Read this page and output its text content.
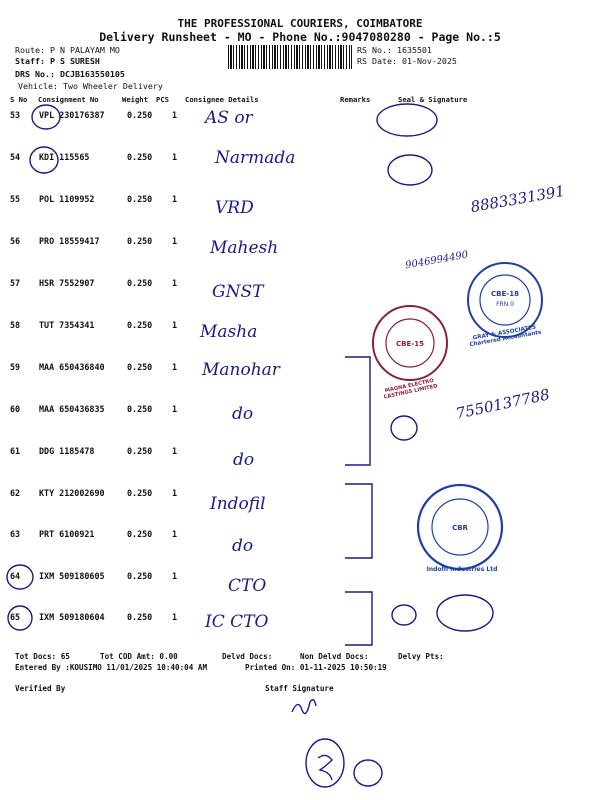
THE PROFESSIONAL COURIERS, COIMBATORE
Delivery Runsheet - MO - Phone No.:9047080280 - Page No.:5
Route: P N PALAYAM MO
Staff: P S SURESH
DRS No.: DCJB163550105
Vehicle: Two Wheeler Delivery
RS No.: 1635501
RS Date: 01-Nov-2025
S No Consignment No	Weight PCS Consignee Details	Remarks	Seal & Signature
53 VPL 230176387	0.250 1
54 KDI 115565	0.250 1
55 POL 1109952	0.250 1
56 PRO 18559417	0.250 1
57 HSR 7552907	0.250 1
58 TUT 7354341	0.250 1
59 MAA 650436840	0.250 1
60 MAA 650436835	0.250 1
61 DDG 1185478	0.250 1
62 KTY 212002690	0.250 1
63 PRT 6100921	0.250 1
64 IXM 509180605	0.250 1
65 IXM 509180604	0.250 1
Tot Docs: 65	Tot COD Amt: 0.00	Delvd Docs:	Non Delvd Docs:	Delvy Pts:
Entered By :KOUSIMO 11/01/2025 10:40:04 AM	Printed On: 01-11-2025 10:50:19
Verified By	Staff Signature
CBE-18
FRN 0
CBE-15
CBR
AS or
Narmada
VRD
Mahesh
GNST
Masha
Manohar
do
do
Indofil
do
CTO
IC CTO
8883331391
7550137788
9046994490
GRAY & ASSOCIATES Chartered Accountants
MAGNA ELECTRO CASTINGS LIMITED
Indofil Industries Ltd
